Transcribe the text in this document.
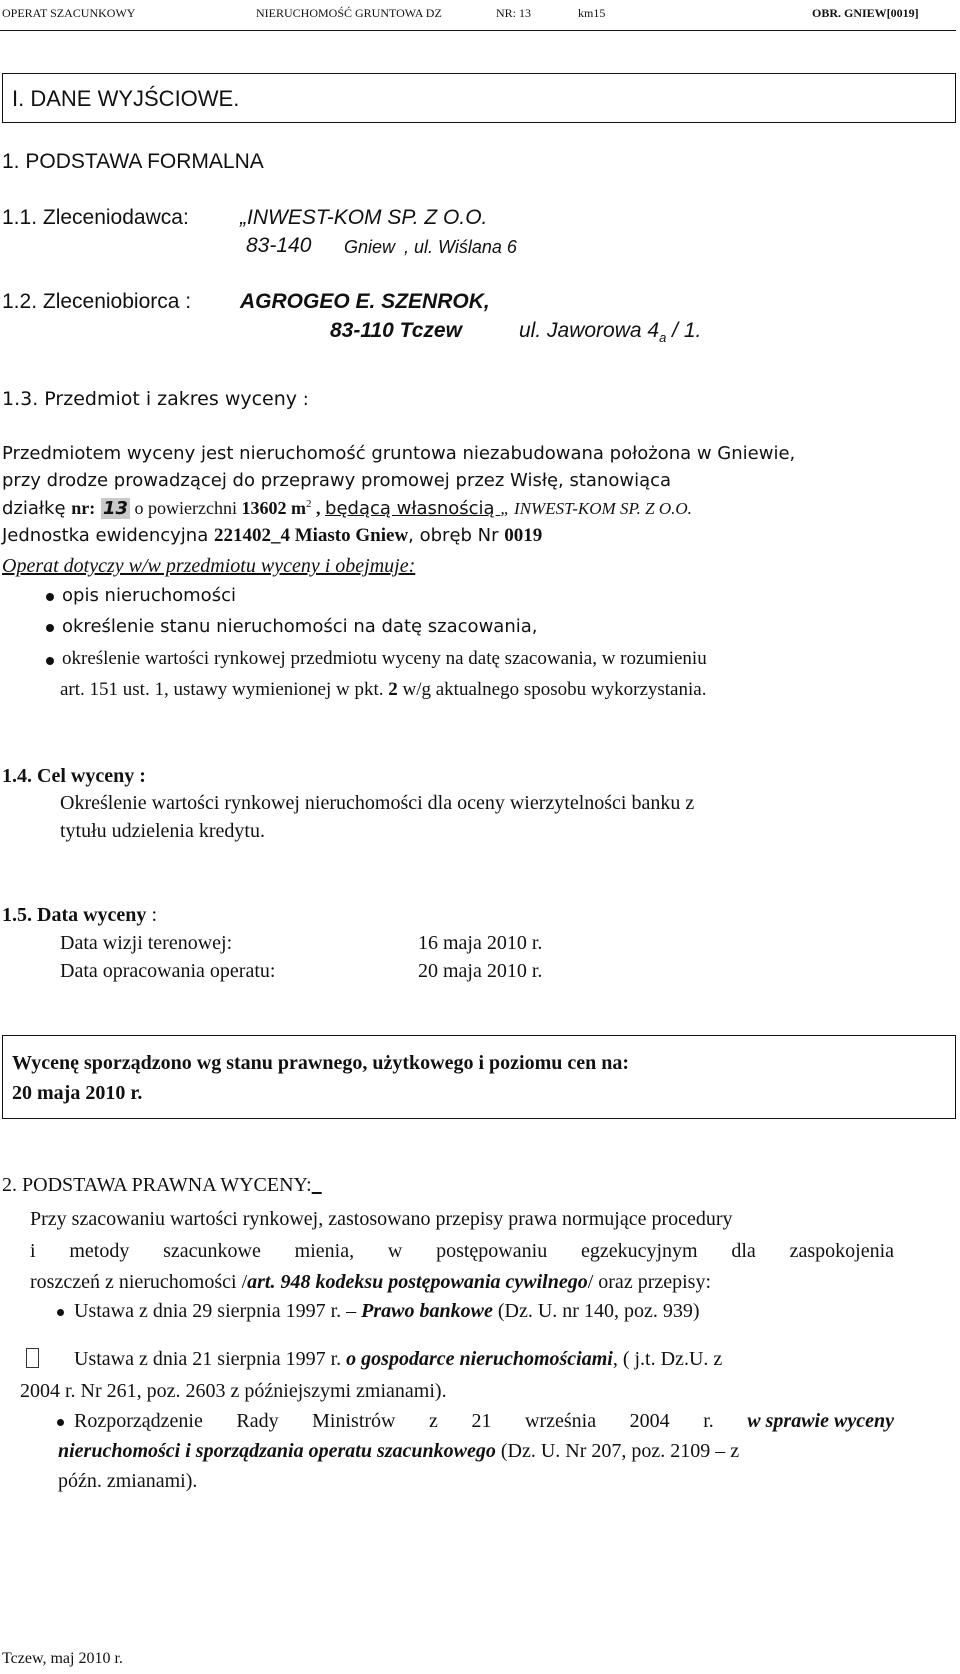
OPERAT SZACUNKOWY	NIERUCHOMOŚĆ GRUNTOWA DZ	NR: 13	km15	OBR. GNIEW[0019]
I. DANE WYJŚCIOWE.
1. PODSTAWA FORMALNA
1.1. Zleceniodawca: „INWEST-KOM SP. Z O.O.
83-140 Gniew , ul. Wiślana 6
1.2. Zleceniobiorca : AGROGEO E. SZENROK,
83-110 Tczew	ul. Jaworowa $4_a / 1$.
1.3. Przedmiot i zakres wyceny :
Przedmiotem wyceny jest nieruchomość gruntowa niezabudowana położona w Gniewie,
przy drodze prowadzącej do przeprawy promowej przez Wisłę, stanowiąca
działkę nr: 13 o powierzchni 13602 $m^2$ , będącą własnością „ INWEST-KOM SP. Z O.O.
Jednostka ewidencyjna 221402_4 Miasto Gniew, obręb Nr 0019
Operat dotyczy w/w przedmiotu wyceny i obejmuje:
opis nieruchomości
określenie stanu nieruchomości na datę szacowania,
określenie wartości rynkowej przedmiotu wyceny na datę szacowania, w rozumieniu
art. 151 ust. 1, ustawy wymienionej w pkt. 2 w/g aktualnego sposobu wykorzystania.
1.4. Cel wyceny :
Określenie wartości rynkowej nieruchomości dla oceny wierzytelności banku z
tytułu udzielenia kredytu.
1.5. Data wyceny :
Data wizji terenowej:	16 maja 2010 r.
Data opracowania operatu:	20 maja 2010 r.
Wycenę sporządzono wg stanu prawnego, użytkowego i poziomu cen na:
20 maja 2010 r.
2. PODSTAWA PRAWNA WYCENY:
Przy szacowaniu wartości rynkowej, zastosowano przepisy prawa normujące procedury
i metody szacunkowe mienia, w postępowaniu egzekucyjnym dla zaspokojenia
roszczeń z nieruchomości /art. 948 kodeksu postępowania cywilnego/ oraz przepisy:
Ustawa z dnia 29 sierpnia 1997 r. – Prawo bankowe (Dz. U. nr 140, poz. 939)
Ustawa z dnia 21 sierpnia 1997 r. o gospodarce nieruchomościami, ( j.t. Dz.U. z
2004 r. Nr 261, poz. 2603 z późniejszymi zmianami).
Rozporządzenie Rady Ministrów z 21 września 2004 r. w sprawie wyceny
nieruchomości i sporządzania operatu szacunkowego (Dz. U. Nr 207, poz. 2109 – z
późn. zmianami).
Tczew, maj 2010 r.
